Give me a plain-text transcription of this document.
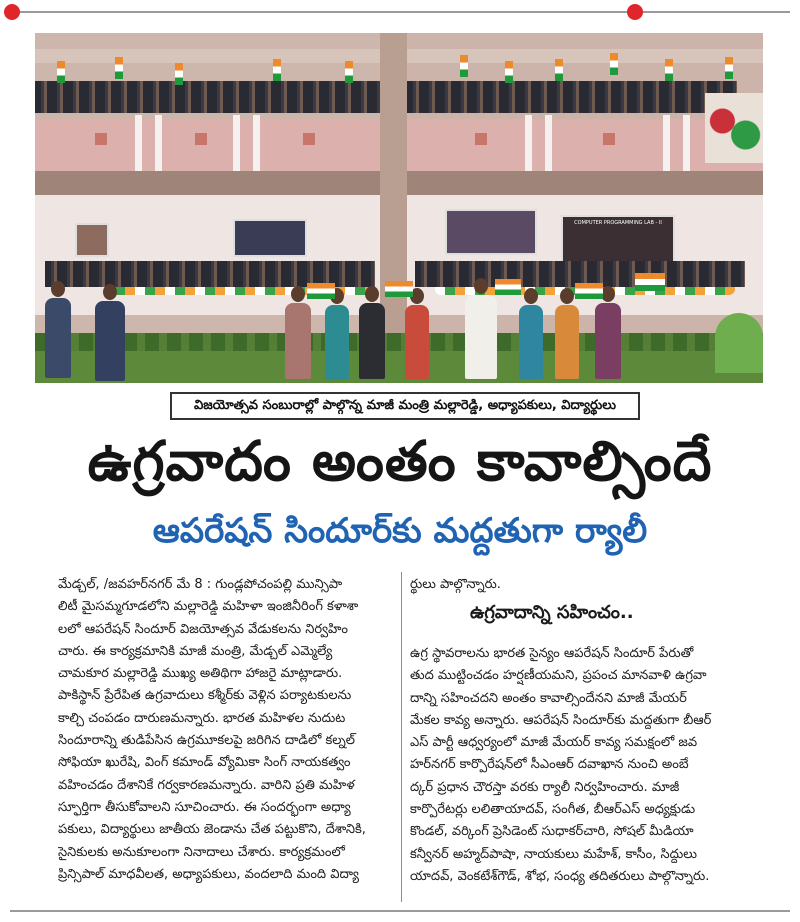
COMPUTER PROGRAMMING LAB - II
విజయోత్సవ సంబురాల్లో పాల్గొన్న మాజీ మంత్రి మల్లారెడ్డి, అధ్యాపకులు, విద్యార్థులు
ఉగ్రవాదం అంతం కావాల్సిందే
ఆపరేషన్ సిందూర్‌కు మద్దతుగా ర్యాలీ
మేడ్చల్, /జవహర్‌నగర్ మే 8 : గుండ్లపోచంపల్లి మున్సిపా
లిటీ మైసమ్మగూడలోని మల్లారెడ్డి మహిళా ఇంజినీరింగ్ కళాశా
లలో ఆపరేషన్ సిందూర్ విజయోత్సవ వేడుకలను నిర్వహిం
చారు. ఈ కార్యక్రమానికి మాజీ మంత్రి, మేడ్చల్ ఎమ్మెల్యే
చామకూర మల్లారెడ్డి ముఖ్య అతిథిగా హాజరై మాట్లాడారు.
పాకిస్థాన్ ప్రేరేపిత ఉగ్రవాదులు కశ్మీర్‌కు వెళ్లిన పర్యాటకులను
కాల్చి చంపడం దారుణమన్నారు. భారత మహిళల నుదుట
సిందూరాన్ని తుడిపేసిన ఉగ్రమూకలపై జరిగిన దాడిలో కల్నల్
సోఫియా ఖురేషి, వింగ్ కమాండ్ వ్యోమికా సింగ్ నాయకత్వం
వహించడం దేశానికే గర్వకారణమన్నారు. వారిని ప్రతి మహిళ
స్ఫూర్తిగా తీసుకోవాలని సూచించారు. ఈ సందర్భంగా అధ్యా
పకులు, విద్యార్థులు జాతీయ జెండాను చేత పట్టుకొని, దేశానికి,
సైనికులకు అనుకూలంగా నినాదాలు చేశారు. కార్యక్రమంలో
ప్రిన్సిపాల్ మాధవీలత, అధ్యాపకులు, వందలాది మంది విద్యా
ర్థులు పాల్గొన్నారు.
ఉగ్రవాదాన్ని సహించం..
ఉగ్ర స్థావరాలను భారత సైన్యం ఆపరేషన్ సిందూర్ పేరుతో
తుద ముట్టించడం హర్షణీయమని, ప్రపంచ మానవాళి ఉగ్రవా
దాన్ని సహించదని అంతం కావాల్సిందేనని మాజీ మేయర్
మేకల కావ్య అన్నారు. ఆపరేషన్ సిందూర్‌కు మద్దతుగా బీఆర్
ఎస్ పార్టీ ఆధ్వర్యంలో మాజీ మేయర్ కావ్య సమక్షంలో జవ
హర్‌నగర్ కార్పొరేషన్‌లో సీఎంఆర్ దవాఖాన నుంచి అంబే
ద్కర్ ప్రధాన చౌరస్తా వరకు ర్యాలీ నిర్వహించారు. మాజీ
కార్పొరేటర్లు లలితాయాదవ్, సంగీత, బీఆర్ఎస్ అధ్యక్షుడు
కొండల్, వర్కింగ్ ప్రెసిడెంట్ సుధాకర్‌చారి, సోషల్ మీడియా
కన్వీనర్ అహ్మద్‌పాషా, నాయకులు మహేశ్, కాసీం, సిద్దులు
యాదవ్, వెంకటేశ్‌గౌడ్, శోభ, సంధ్య తదితరులు పాల్గొన్నారు.
